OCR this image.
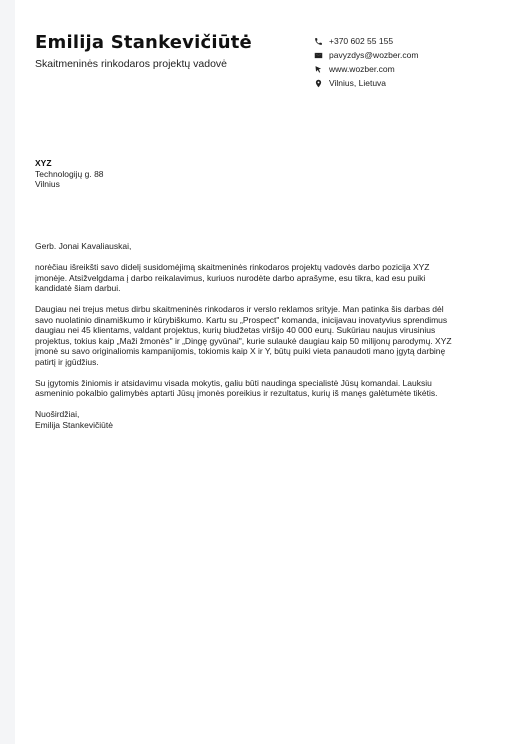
Emilija Stankevičiūtė

Skaitmeninės rinkodaros projektų vadovė

+370 602 55 155
pavyzdys@wozber.com
www.wozber.com
Vilnius, Lietuva
XYZ
Technologijų g. 88
Vilnius

Gerb. Jonai Kavaliauskai,

norėčiau išreikšti savo didelį susidomėjimą skaitmeninės rinkodaros projektų vadovės darbo pozicija XYZ įmonėje. Atsižvelgdama į darbo reikalavimus, kuriuos nurodėte darbo aprašyme, esu tikra, kad esu puiki kandidatė šiam darbui.

Daugiau nei trejus metus dirbu skaitmeninės rinkodaros ir verslo reklamos srityje. Man patinka šis darbas dėl savo nuolatinio dinamiškumo ir kūrybiškumo. Kartu su „Prospect" komanda, inicijavau inovatyvius sprendimus daugiau nei 45 klientams, valdant projektus, kurių biudžetas viršijo 40 000 eurų. Sukūriau naujus virusinius projektus, tokius kaip „Maži žmonės" ir „Dingę gyvūnai", kurie sulaukė daugiau kaip 50 milijonų parodymų. XYZ įmonė su savo originaliomis kampanijomis, tokiomis kaip X ir Y, būtų puiki vieta panaudoti mano įgytą darbinę patirtį ir įgūdžius.

Su įgytomis žiniomis ir atsidavimu visada mokytis, galiu būti naudinga specialistė Jūsų komandai. Lauksiu asmeninio pokalbio galimybės aptarti Jūsų įmonės poreikius ir rezultatus, kurių iš manęs galėtumėte tikėtis.

Nuoširdžiai,

Emilija Stankevičiūtė
